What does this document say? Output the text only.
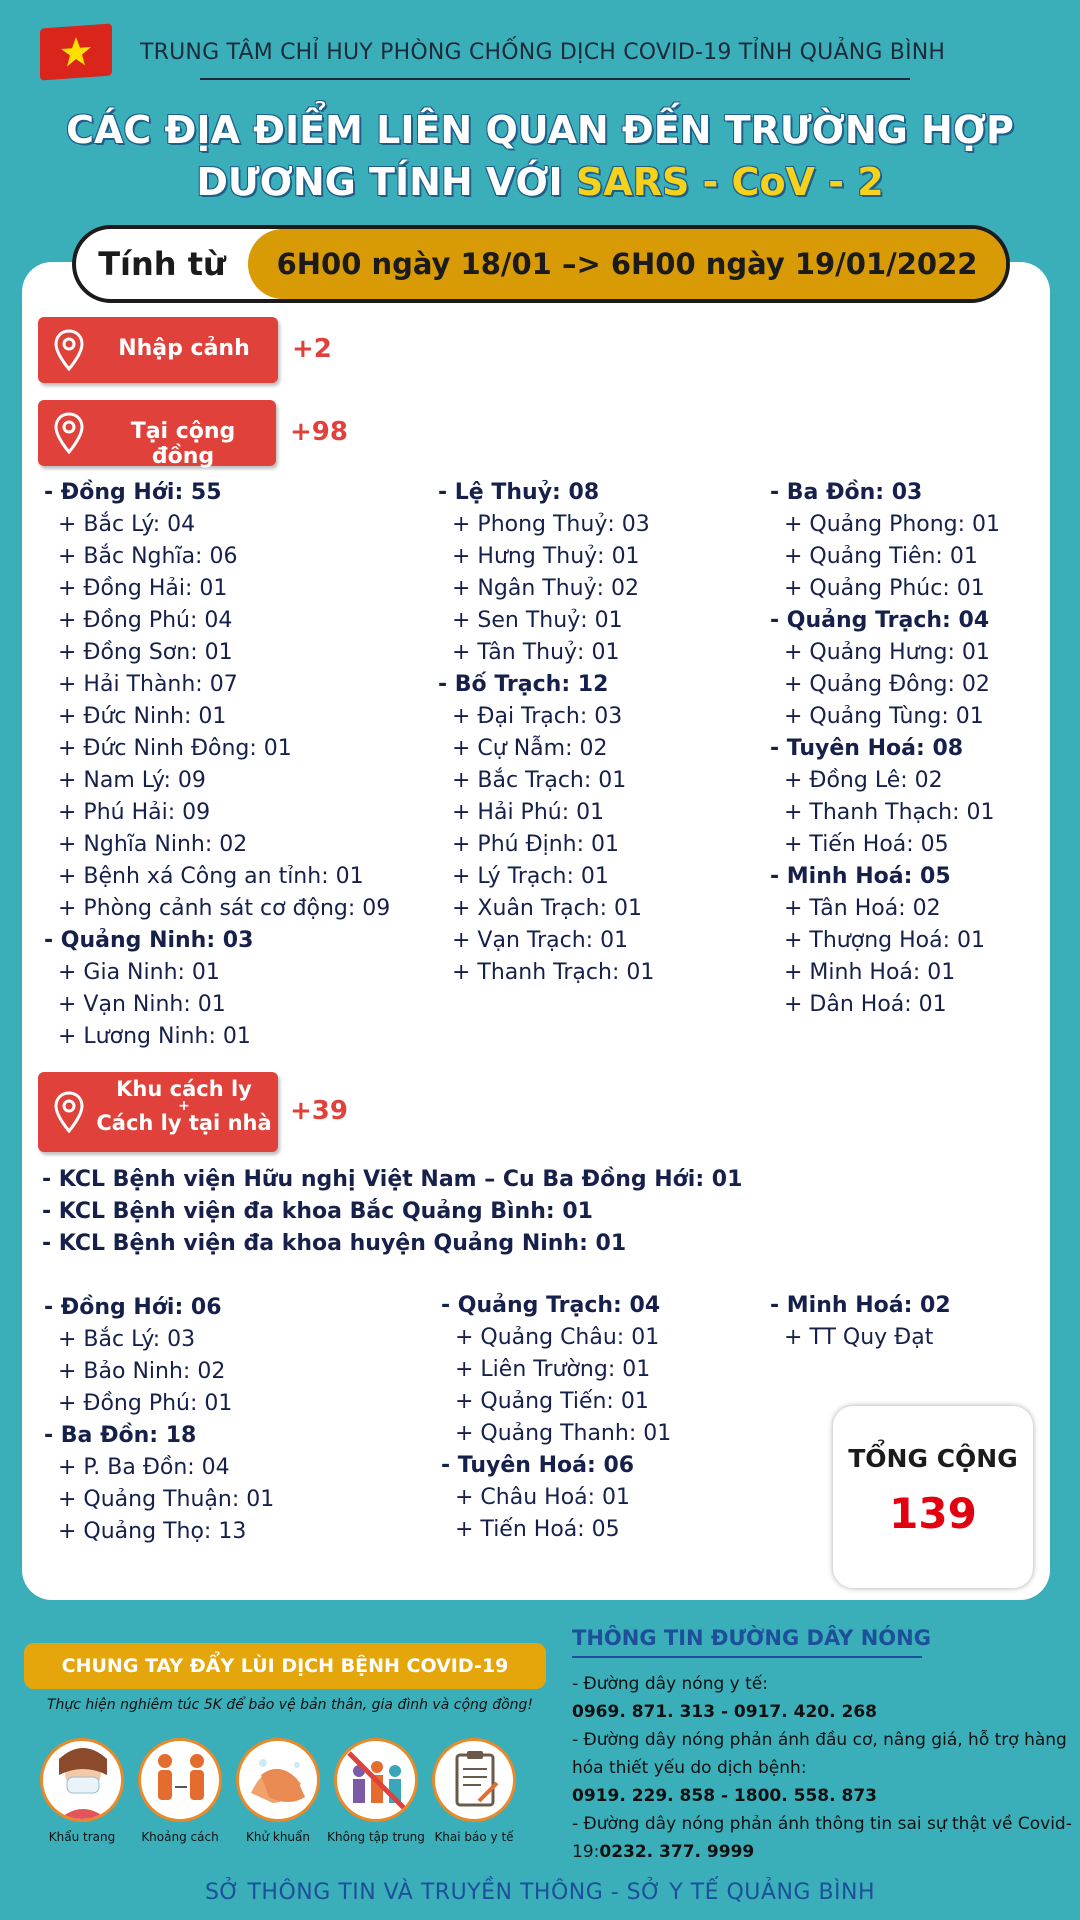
TRUNG TÂM CHỈ HUY PHÒNG CHỐNG DỊCH COVID-19 TỈNH QUẢNG BÌNH
CÁC ĐỊA ĐIỂM LIÊN QUAN ĐẾN TRƯỜNG HỢP
DƯƠNG TÍNH VỚI SARS - CoV - 2
Tính từ	6H00 ngày 18/01 –> 6H00 ngày 19/01/2022
Nhập cảnh	+2
Tại cộng đồng
+98
- Đồng Hới: 55
+ Bắc Lý: 04
+ Bắc Nghĩa: 06
+ Đồng Hải: 01
+ Đồng Phú: 04
+ Đồng Sơn: 01
+ Hải Thành: 07
+ Đức Ninh: 01
+ Đức Ninh Đông: 01
+ Nam Lý: 09
+ Phú Hải: 09
+ Nghĩa Ninh: 02
+ Bệnh xá Công an tỉnh: 01
+ Phòng cảnh sát cơ động: 09
- Quảng Ninh: 03
+ Gia Ninh: 01
+ Vạn Ninh: 01
+ Lương Ninh: 01
- Lệ Thuỷ: 08
+ Phong Thuỷ: 03
+ Hưng Thuỷ: 01
+ Ngân Thuỷ: 02
+ Sen Thuỷ: 01
+ Tân Thuỷ: 01
- Bố Trạch: 12
+ Đại Trạch: 03
+ Cự Nẫm: 02
+ Bắc Trạch: 01
+ Hải Phú: 01
+ Phú Định: 01
+ Lý Trạch: 01
+ Xuân Trạch: 01
+ Vạn Trạch: 01
+ Thanh Trạch: 01
- Ba Đồn: 03
+ Quảng Phong: 01
+ Quảng Tiên: 01
+ Quảng Phúc: 01
- Quảng Trạch: 04
+ Quảng Hưng: 01
+ Quảng Đông: 02
+ Quảng Tùng: 01
- Tuyên Hoá: 08
+ Đồng Lê: 02
+ Thanh Thạch: 01
+ Tiến Hoá: 05
- Minh Hoá: 05
+ Tân Hoá: 02
+ Thượng Hoá: 01
+ Minh Hoá: 01
+ Dân Hoá: 01
Khu cách ly
+
Cách ly tại nhà +39
- KCL Bệnh viện Hữu nghị Việt Nam – Cu Ba Đồng Hới: 01
- KCL Bệnh viện đa khoa Bắc Quảng Bình: 01
- KCL Bệnh viện đa khoa huyện Quảng Ninh: 01
- Đồng Hới: 06
+ Bắc Lý: 03
+ Bảo Ninh: 02
+ Đồng Phú: 01
- Ba Đồn: 18
+ P. Ba Đồn: 04
+ Quảng Thuận: 01
+ Quảng Thọ: 13
- Quảng Trạch: 04
+ Quảng Châu: 01
+ Liên Trường: 01
+ Quảng Tiến: 01
+ Quảng Thanh: 01
- Tuyên Hoá: 06
+ Châu Hoá: 01
+ Tiến Hoá: 05
- Minh Hoá: 02
+ TT Quy Đạt
TỔNG CỘNG
139
CHUNG TAY ĐẨY LÙI DỊCH BỆNH COVID-19
Thực hiện nghiêm túc 5K để bảo vệ bản thân, gia đình và cộng đồng!
Khẩu trang	Khoảng cách	Khử khuẩn	Không tập trung Khai báo y tế
THÔNG TIN ĐƯỜNG DÂY NÓNG
- Đường dây nóng y tế:
0969. 871. 313 - 0917. 420. 268
- Đường dây nóng phản ánh đầu cơ, nâng giá, hỗ trợ hàng hóa thiết yếu do dịch bệnh:
0919. 229. 858 - 1800. 558. 873
- Đường dây nóng phản ánh thông tin sai sự thật về Covid-19:0232. 377. 9999
SỞ THÔNG TIN VÀ TRUYỀN THÔNG - SỞ Y TẾ QUẢNG BÌNH
